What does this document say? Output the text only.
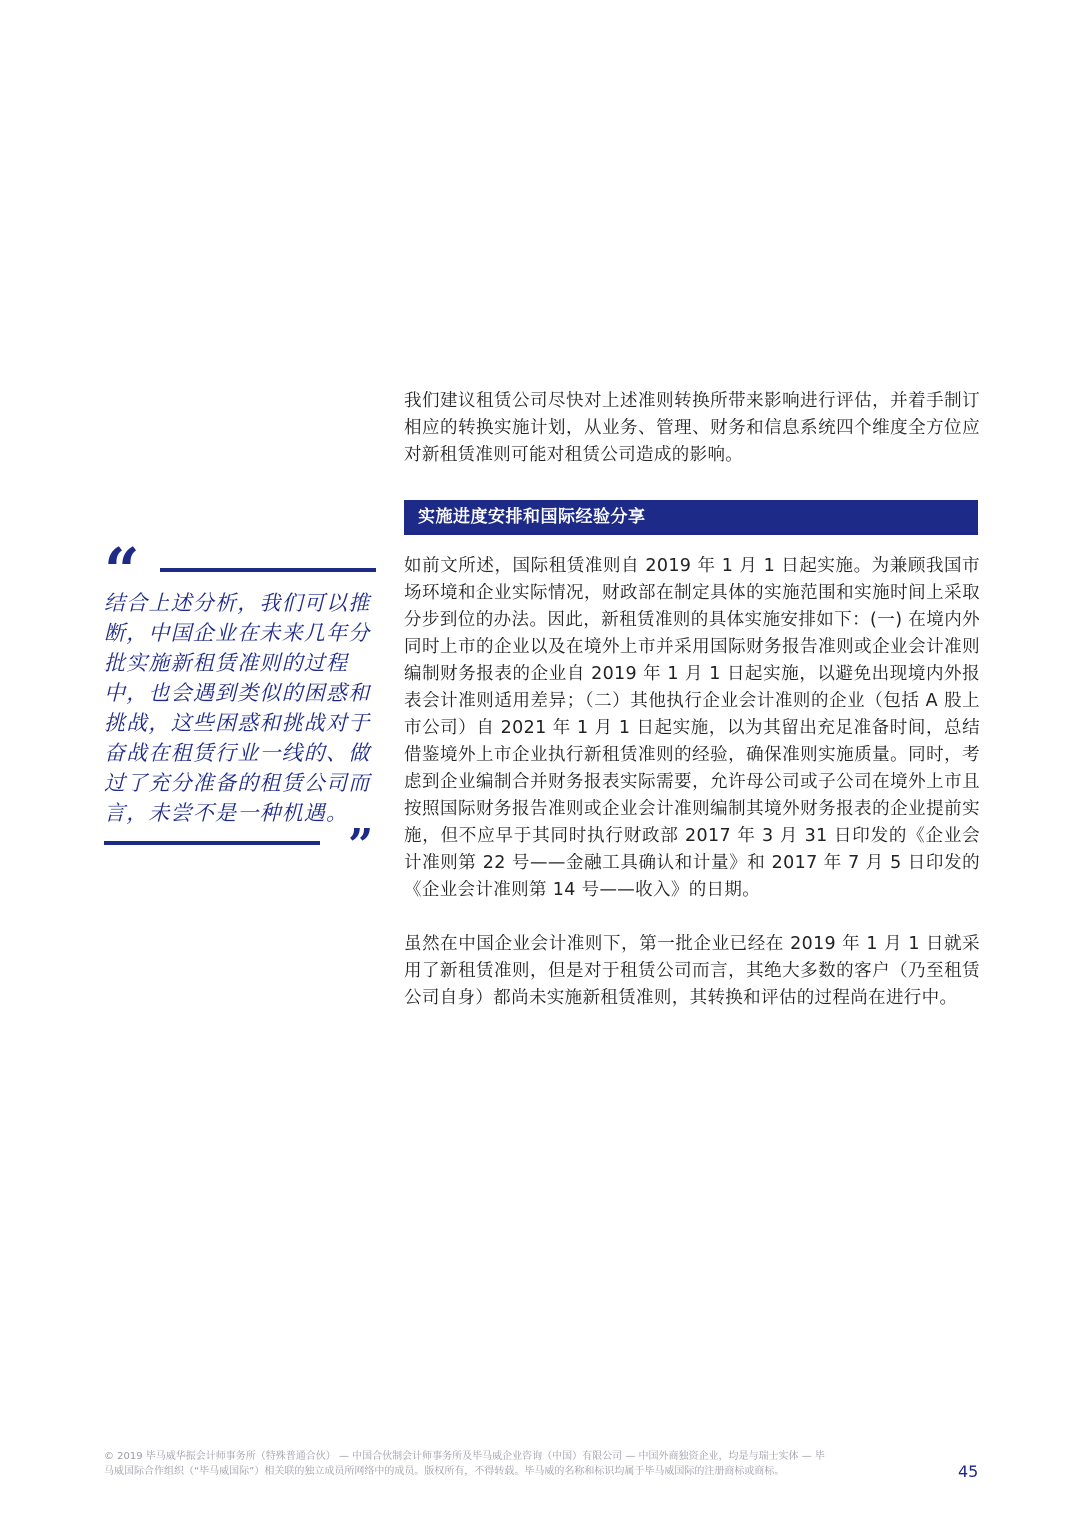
我们建议租赁公司尽快对上述准则转换所带来影响进行评估，并着手制订相应的转换实施计划，从业务、管理、财务和信息系统四个维度全方位应对新租赁准则可能对租赁公司造成的影响。

实施进度安排和国际经验分享

如前文所述，国际租赁准则自 2019 年 1 月 1 日起实施。为兼顾我国市场环境和企业实际情况，财政部在制定具体的实施范围和实施时间上采取分步到位的办法。因此，新租赁准则的具体实施安排如下：(一) 在境内外同时上市的企业以及在境外上市并采用国际财务报告准则或企业会计准则编制财务报表的企业自 2019 年 1 月 1 日起实施，以避免出现境内外报表会计准则适用差异；（二）其他执行企业会计准则的企业（包括 A 股上市公司）自 2021 年 1 月 1 日起实施，以为其留出充足准备时间，总结借鉴境外上市企业执行新租赁准则的经验，确保准则实施质量。同时，考虑到企业编制合并财务报表实际需要，允许母公司或子公司在境外上市且按照国际财务报告准则或企业会计准则编制其境外财务报表的企业提前实施，但不应早于其同时执行财政部 2017 年 3 月 31 日印发的《企业会计准则第 22 号——金融工具确认和计量》和 2017 年 7 月 5 日印发的《企业会计准则第 14 号——收入》的日期。

虽然在中国企业会计准则下，第一批企业已经在 2019 年 1 月 1 日就采用了新租赁准则，但是对于租赁公司而言，其绝大多数的客户（乃至租赁公司自身）都尚未实施新租赁准则，其转换和评估的过程尚在进行中。

“

结合上述分析，我们可以推断，中国企业在未来几年分批实施新租赁准则的过程中，也会遇到类似的困惑和挑战，这些困惑和挑战对于奋战在租赁行业一线的、做过了充分准备的租赁公司而言，未尝不是一种机遇。

”

© 2019 毕马威华振会计师事务所（特殊普通合伙） — 中国合伙制会计师事务所及毕马威企业咨询（中国）有限公司 — 中国外商独资企业，均是与瑞士实体 — 毕马威国际合作组织（“毕马威国际”）相关联的独立成员所网络中的成员。版权所有，不得转载。毕马威的名称和标识均属于毕马威国际的注册商标或商标。	45
